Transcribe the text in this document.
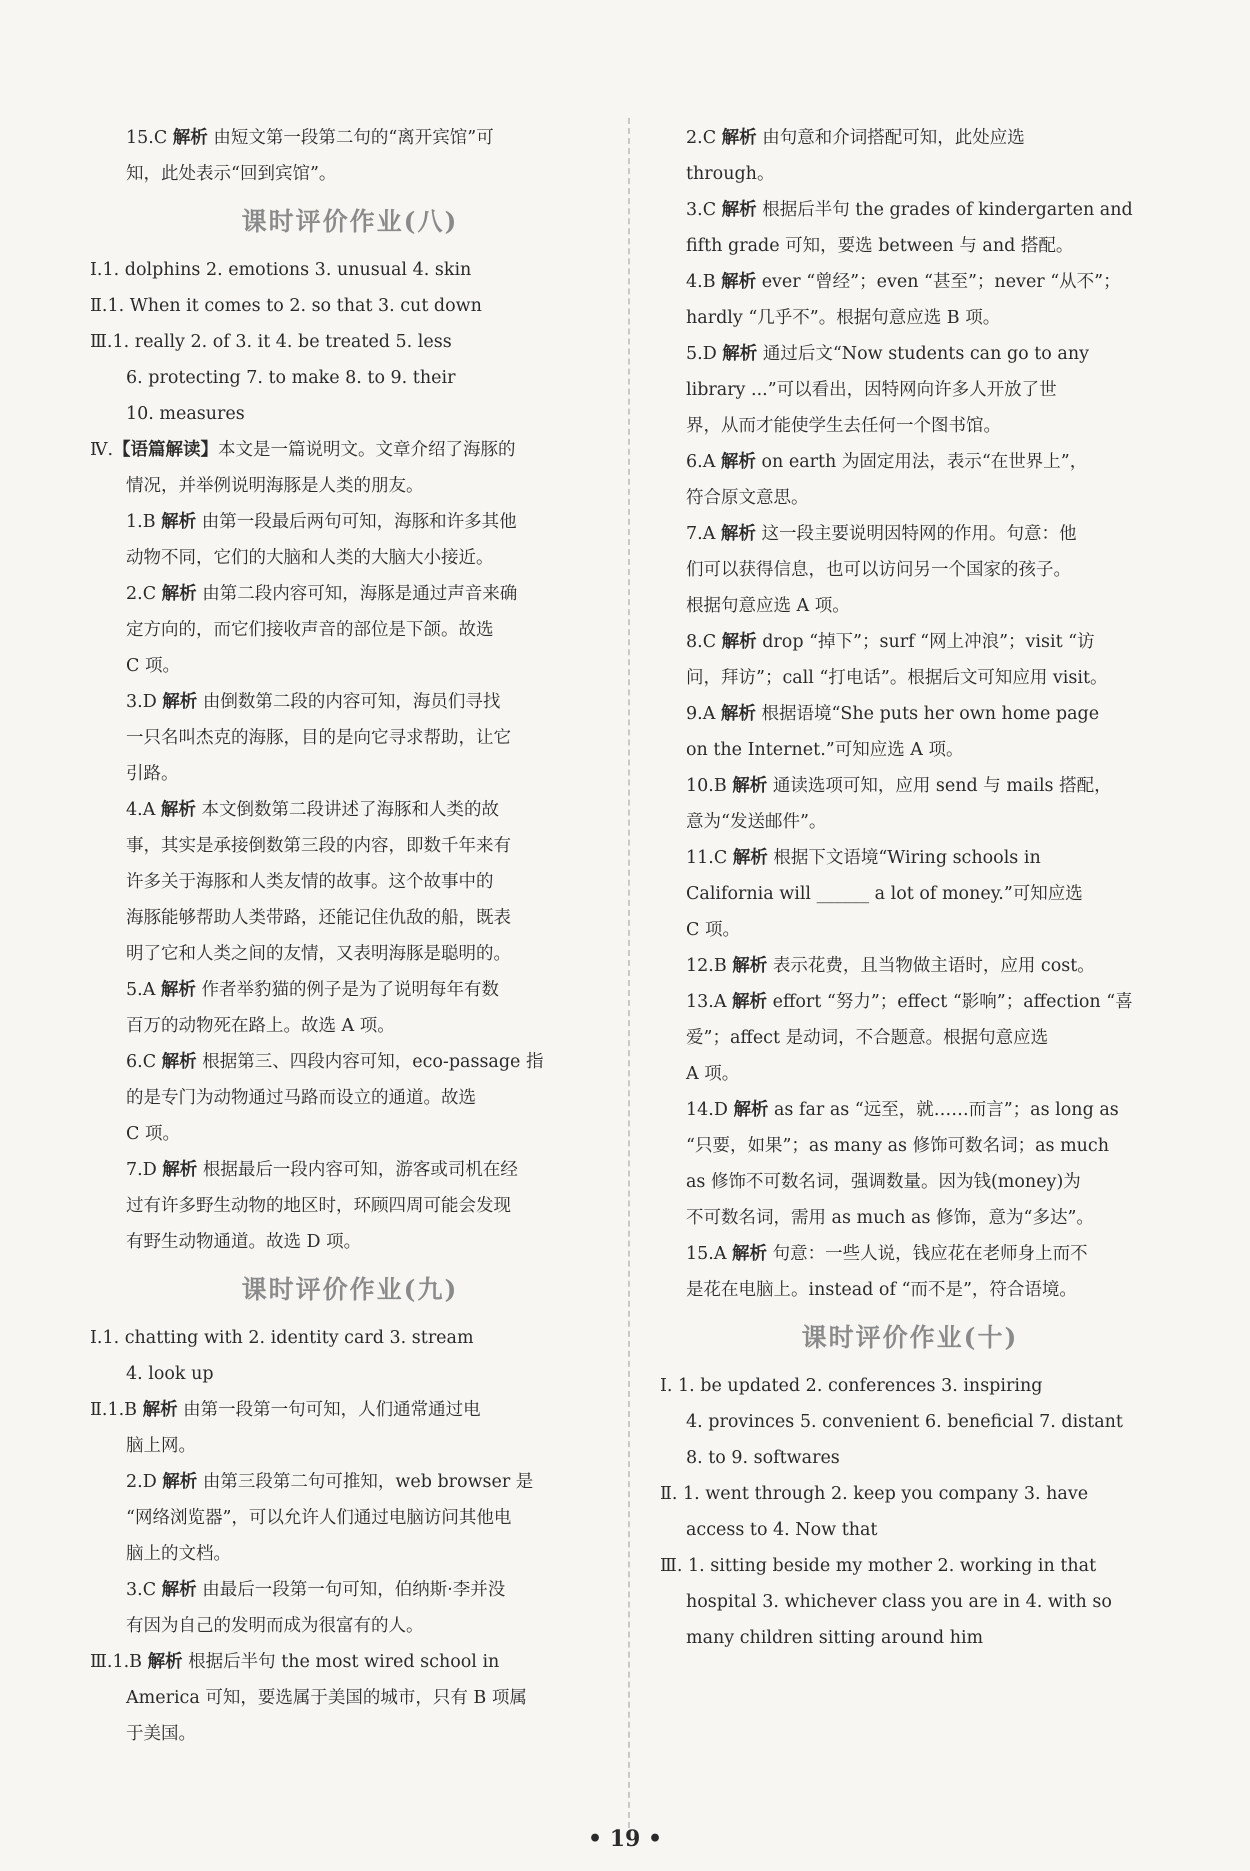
15.C 解析 由短文第一段第二句的“离开宾馆”可
知，此处表示“回到宾馆”。
课时评价作业(八)
Ⅰ.1. dolphins 2. emotions 3. unusual 4. skin
Ⅱ.1. When it comes to 2. so that 3. cut down
Ⅲ.1. really 2. of 3. it 4. be treated 5. less
6. protecting 7. to make 8. to 9. their
10. measures
Ⅳ.【语篇解读】本文是一篇说明文。文章介绍了海豚的
情况，并举例说明海豚是人类的朋友。
1.B 解析 由第一段最后两句可知，海豚和许多其他
动物不同，它们的大脑和人类的大脑大小接近。
2.C 解析 由第二段内容可知，海豚是通过声音来确
定方向的，而它们接收声音的部位是下颌。故选
C 项。
3.D 解析 由倒数第二段的内容可知，海员们寻找
一只名叫杰克的海豚，目的是向它寻求帮助，让它
引路。
4.A 解析 本文倒数第二段讲述了海豚和人类的故
事，其实是承接倒数第三段的内容，即数千年来有
许多关于海豚和人类友情的故事。这个故事中的
海豚能够帮助人类带路，还能记住仇敌的船，既表
明了它和人类之间的友情，又表明海豚是聪明的。
5.A 解析 作者举豹猫的例子是为了说明每年有数
百万的动物死在路上。故选 A 项。
6.C 解析 根据第三、四段内容可知，eco-passage 指
的是专门为动物通过马路而设立的通道。故选
C 项。
7.D 解析 根据最后一段内容可知，游客或司机在经
过有许多野生动物的地区时，环顾四周可能会发现
有野生动物通道。故选 D 项。
课时评价作业(九)
Ⅰ.1. chatting with 2. identity card 3. stream
4. look up
Ⅱ.1.B 解析 由第一段第一句可知，人们通常通过电
脑上网。
2.D 解析 由第三段第二句可推知，web browser 是
“网络浏览器”，可以允许人们通过电脑访问其他电
脑上的文档。
3.C 解析 由最后一段第一句可知，伯纳斯·李并没
有因为自己的发明而成为很富有的人。
Ⅲ.1.B 解析 根据后半句 the most wired school in
America 可知，要选属于美国的城市，只有 B 项属
于美国。
2.C 解析 由句意和介词搭配可知，此处应选
through。
3.C 解析 根据后半句 the grades of kindergarten and
fifth grade 可知，要选 between 与 and 搭配。
4.B 解析 ever “曾经”；even “甚至”；never “从不”；
hardly “几乎不”。根据句意应选 B 项。
5.D 解析 通过后文“Now students can go to any
library ...”可以看出，因特网向许多人开放了世
界，从而才能使学生去任何一个图书馆。
6.A 解析 on earth 为固定用法，表示“在世界上”，
符合原文意思。
7.A 解析 这一段主要说明因特网的作用。句意：他
们可以获得信息，也可以访问另一个国家的孩子。
根据句意应选 A 项。
8.C 解析 drop “掉下”；surf “网上冲浪”；visit “访
问，拜访”；call “打电话”。根据后文可知应用 visit。
9.A 解析 根据语境“She puts her own home page
on the Internet.”可知应选 A 项。
10.B 解析 通读选项可知，应用 send 与 mails 搭配，
意为“发送邮件”。
11.C 解析 根据下文语境“Wiring schools in
California will ______ a lot of money.”可知应选
C 项。
12.B 解析 表示花费，且当物做主语时，应用 cost。
13.A 解析 effort “努力”；effect “影响”；affection “喜
爱”；affect 是动词，不合题意。根据句意应选
A 项。
14.D 解析 as far as “远至，就……而言”；as long as
“只要，如果”；as many as 修饰可数名词；as much
as 修饰不可数名词，强调数量。因为钱(money)为
不可数名词，需用 as much as 修饰，意为“多达”。
15.A 解析 句意：一些人说，钱应花在老师身上而不
是花在电脑上。instead of “而不是”，符合语境。
课时评价作业(十)
Ⅰ. 1. be updated 2. conferences 3. inspiring
4. provinces 5. convenient 6. beneficial 7. distant
8. to 9. softwares
Ⅱ. 1. went through 2. keep you company 3. have
access to 4. Now that
Ⅲ. 1. sitting beside my mother 2. working in that
hospital 3. whichever class you are in 4. with so
many children sitting around him
• 19 •
